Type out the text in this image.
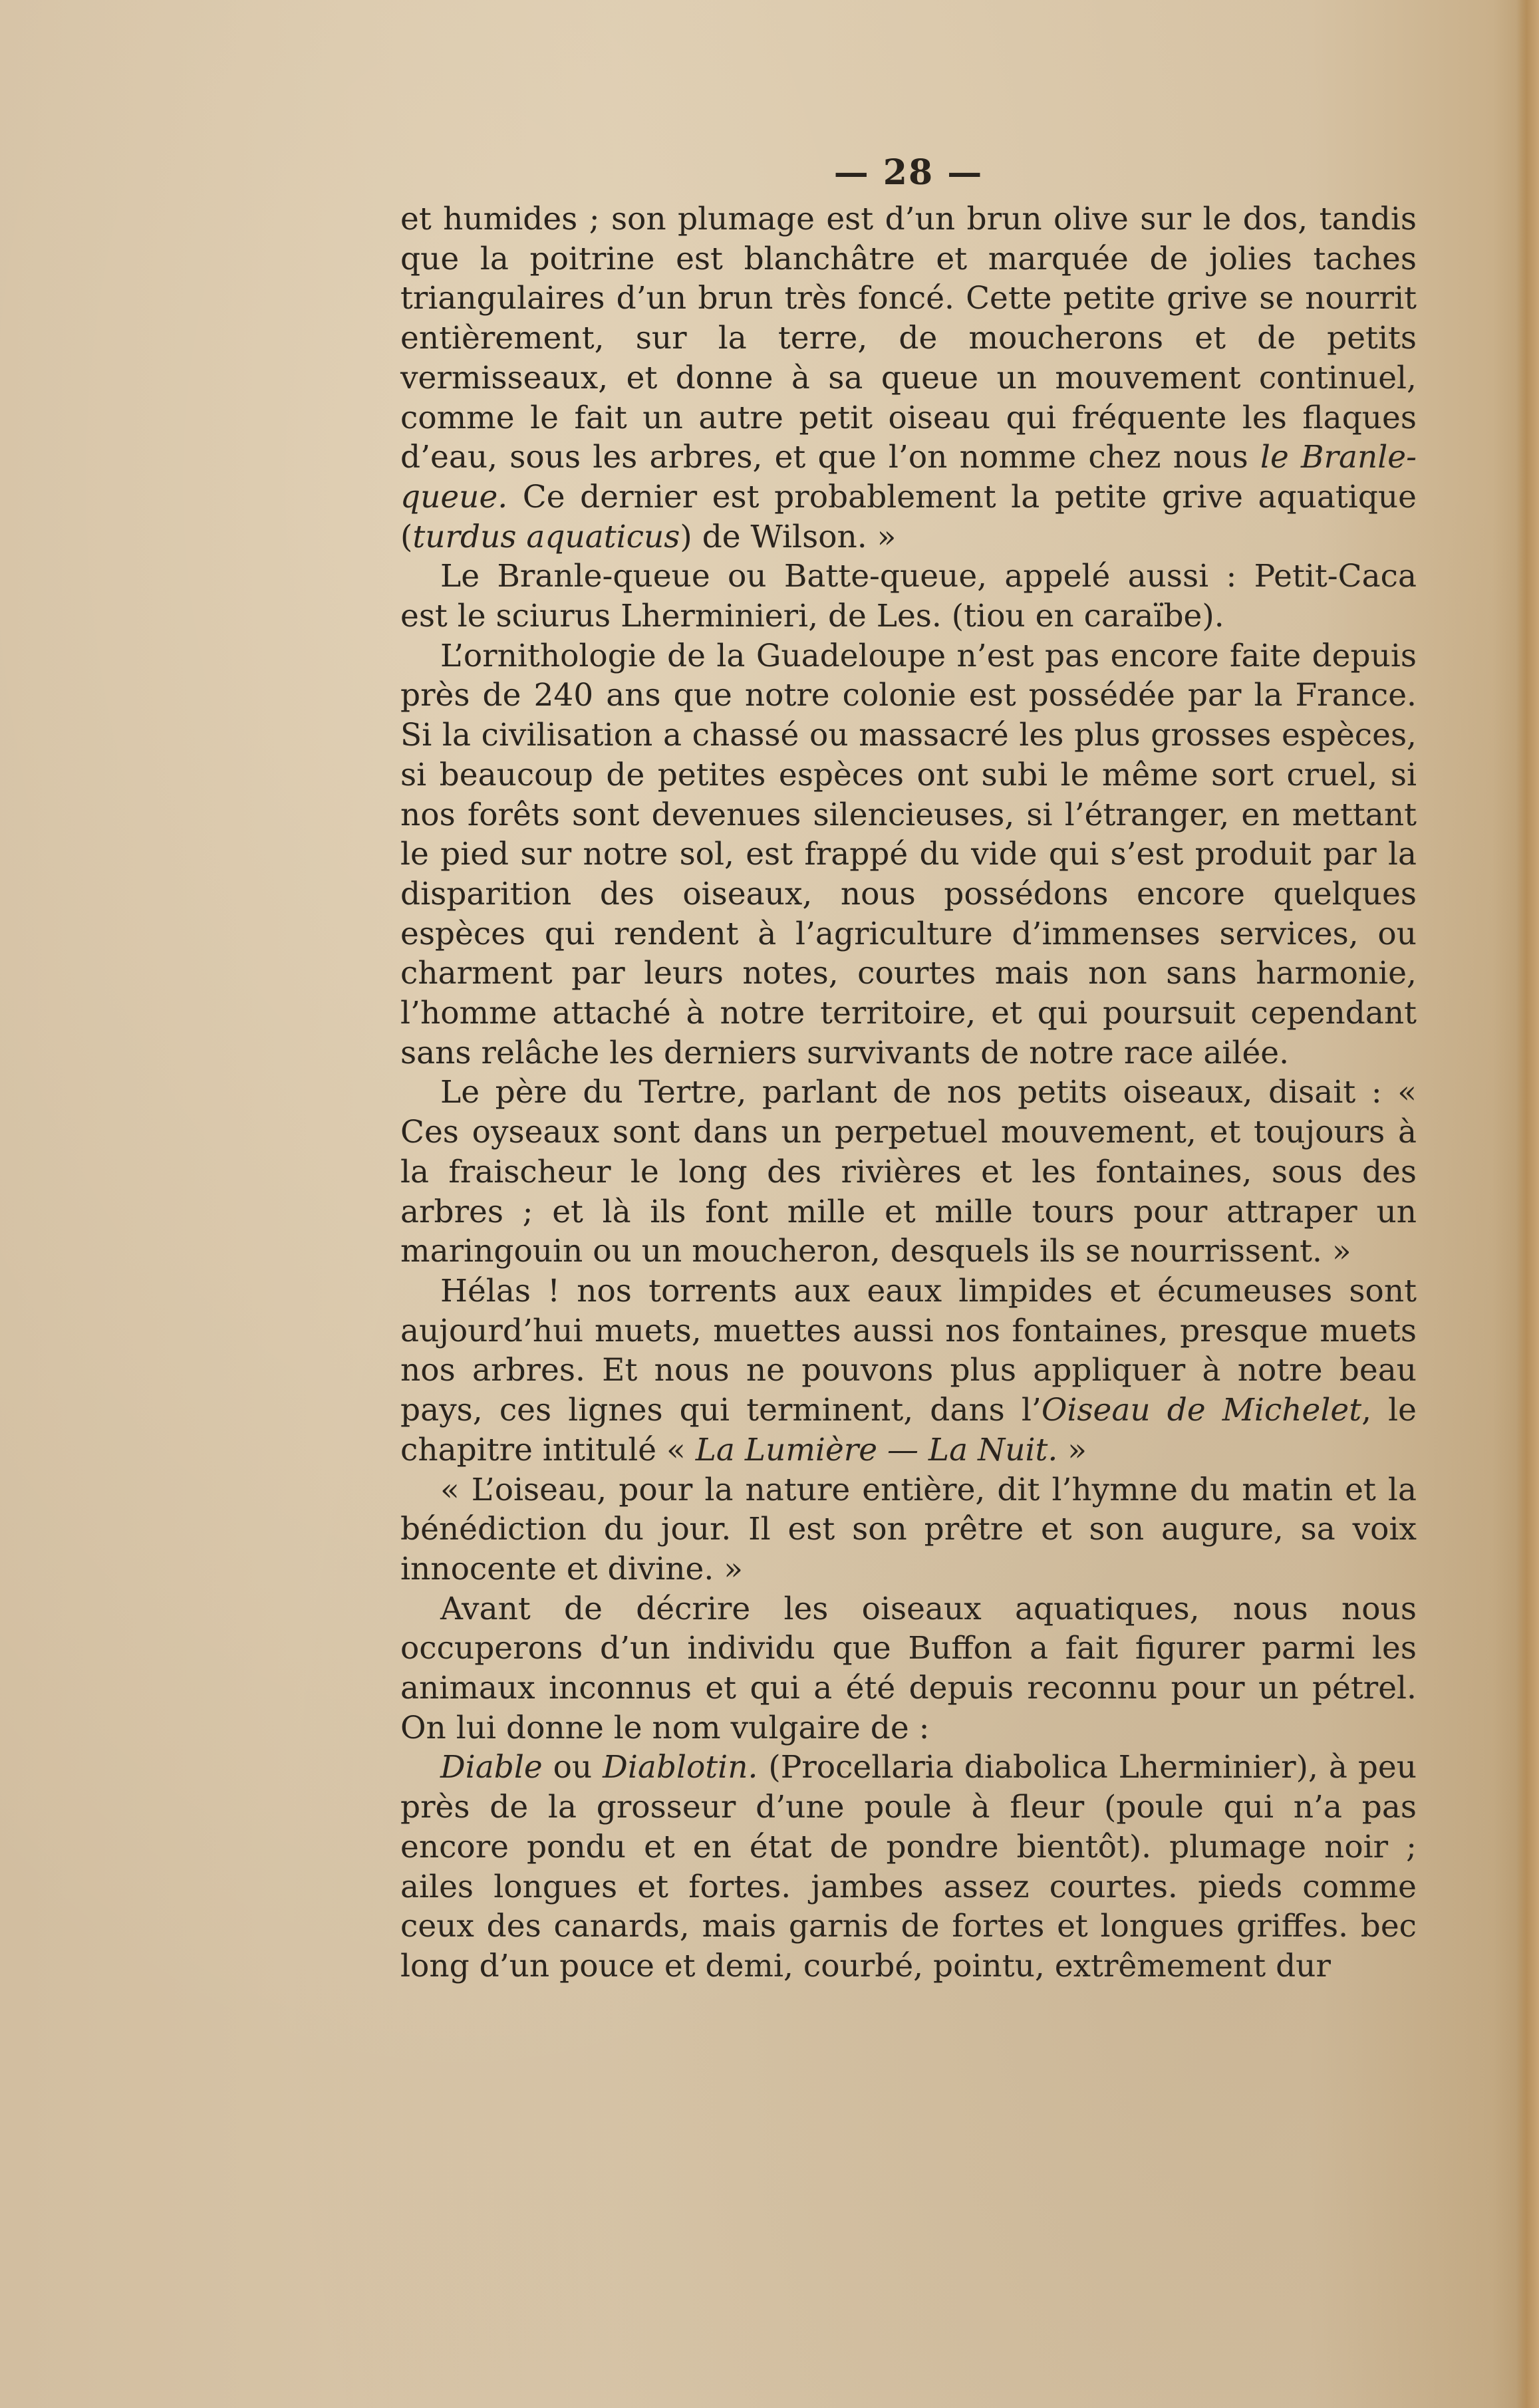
— 28 —

et humides ; son plumage est d’un brun olive sur le dos, tandis que la poitrine est blanchâtre et marquée de jolies taches triangulaires d’un brun très foncé. Cette petite grive se nourrit entièrement, sur la terre, de moucherons et de petits vermisseaux, et donne à sa queue un mouvement continuel, comme le fait un autre petit oiseau qui fréquente les flaques d’eau, sous les arbres, et que l’on nomme chez nous le Branle-queue. Ce dernier est probablement la petite grive aquatique (turdus aquaticus) de Wilson. »

Le Branle-queue ou Batte-queue, appelé aussi : Petit-Caca est le sciurus Lherminieri, de Les. (tiou en caraïbe).

L’ornithologie de la Guadeloupe n’est pas encore faite depuis près de 240 ans que notre colonie est possédée par la France. Si la civilisation a chassé ou massacré les plus grosses espèces, si beaucoup de petites espèces ont subi le même sort cruel, si nos forêts sont devenues silencieuses, si l’étranger, en mettant le pied sur notre sol, est frappé du vide qui s’est produit par la disparition des oiseaux, nous possédons encore quelques espèces qui rendent à l’agriculture d’immenses services, ou charment par leurs notes, courtes mais non sans harmonie, l’homme attaché à notre territoire, et qui poursuit cependant sans relâche les derniers survivants de notre race ailée.

Le père du Tertre, parlant de nos petits oiseaux, disait : « Ces oyseaux sont dans un perpetuel mouvement, et toujours à la fraischeur le long des rivières et les fontaines, sous des arbres ; et là ils font mille et mille tours pour attraper un maringouin ou un moucheron, desquels ils se nourrissent. »

Hélas ! nos torrents aux eaux limpides et écumeuses sont aujourd’hui muets, muettes aussi nos fontaines, presque muets nos arbres. Et nous ne pouvons plus appliquer à notre beau pays, ces lignes qui terminent, dans l’Oiseau de Michelet, le chapitre intitulé « La Lumière — La Nuit. »

« L’oiseau, pour la nature entière, dit l’hymne du matin et la bénédiction du jour. Il est son prêtre et son augure, sa voix innocente et divine. »

Avant de décrire les oiseaux aquatiques, nous nous occuperons d’un individu que Buffon a fait figurer parmi les animaux inconnus et qui a été depuis reconnu pour un pétrel. On lui donne le nom vulgaire de :

Diable ou Diablotin. (Procellaria diabolica Lherminier), à peu près de la grosseur d’une poule à fleur (poule qui n’a pas encore pondu et en état de pondre bientôt). plumage noir ; ailes longues et fortes. jambes assez courtes. pieds comme ceux des canards, mais garnis de fortes et longues griffes. bec long d’un pouce et demi, courbé, pointu, extrêmement dur
